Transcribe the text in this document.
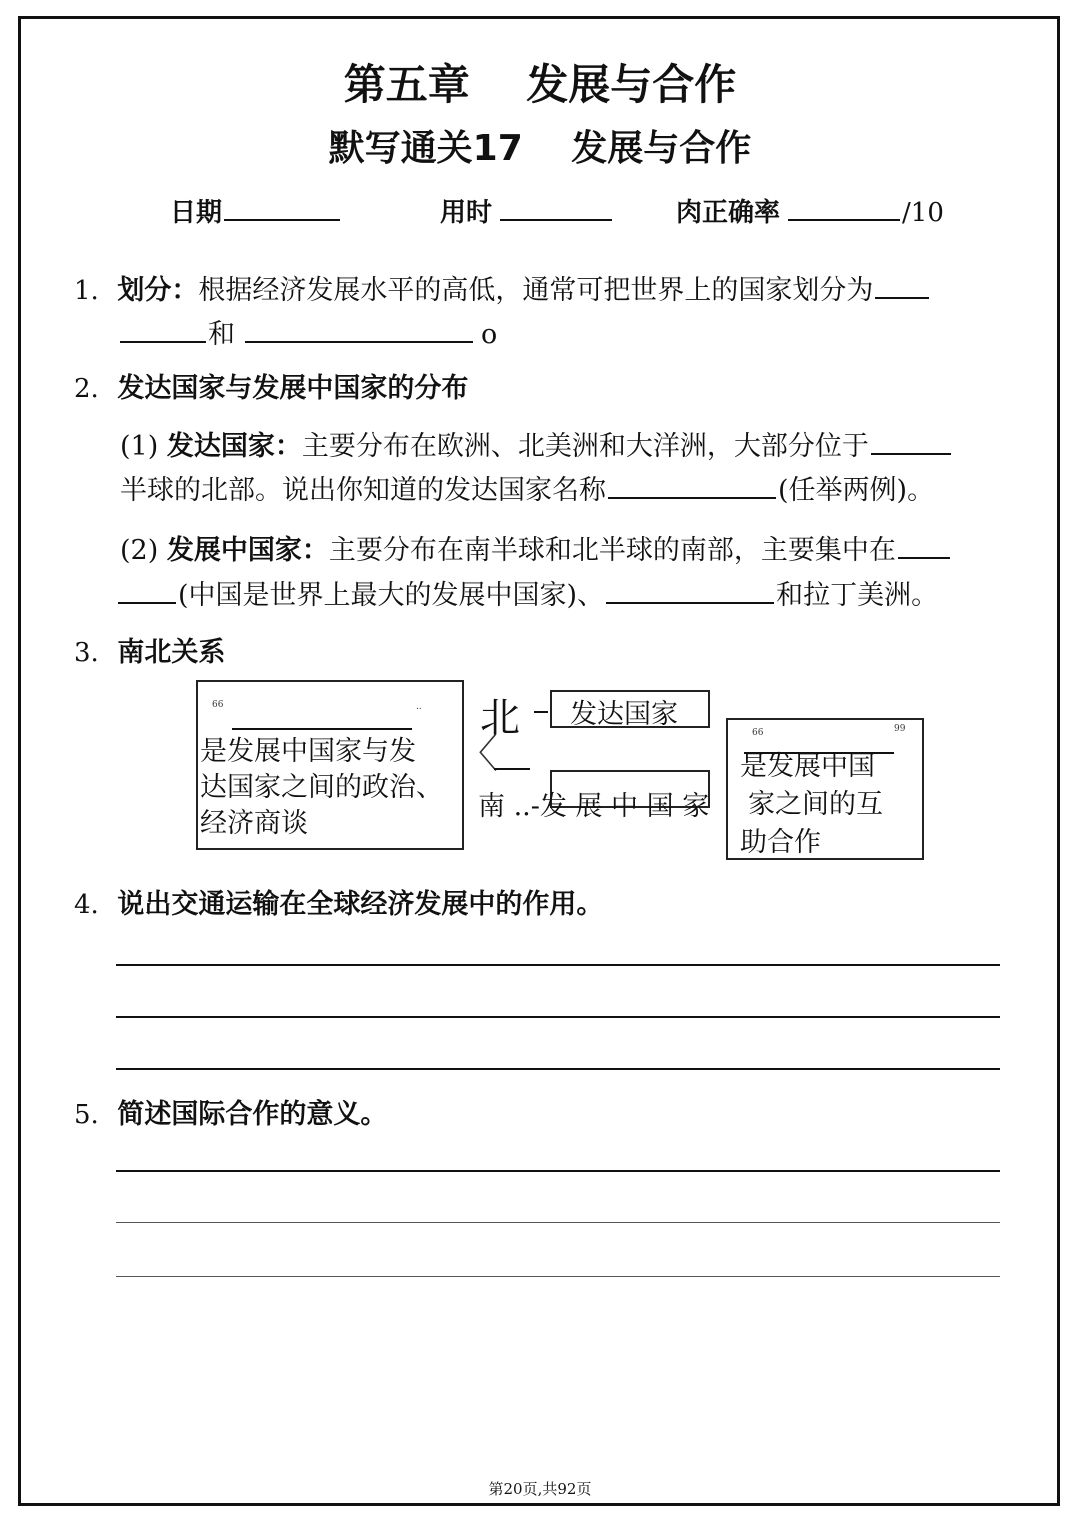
第五章　 发展与合作
默写通关17　 发展与合作
日期	用时	肉正确率	/10
1. 划分：根据经济发展水平的高低，通常可把世界上的国家划分为
和	o
2. 发达国家与发展中国家的分布
(1) 发达国家：主要分布在欧洲、北美洲和大洋洲，大部分位于
半球的北部。说出你知道的发达国家名称	(任举两例)。
(2) 发展中国家：主要分布在南半球和北半球的南部，主要集中在
(中国是世界上最大的发展中国家)、	和拉丁美洲。
3. 南北关系
66	..
是发展中国家与发
达国家之间的政治、
经济商谈
〈
北 发达国家
南 ..-发 展 中 国 家
66	99
是发展中国
家之间的互
助合作
4. 说出交通运输在全球经济发展中的作用。
5. 简述国际合作的意义。
第20页,共92页
